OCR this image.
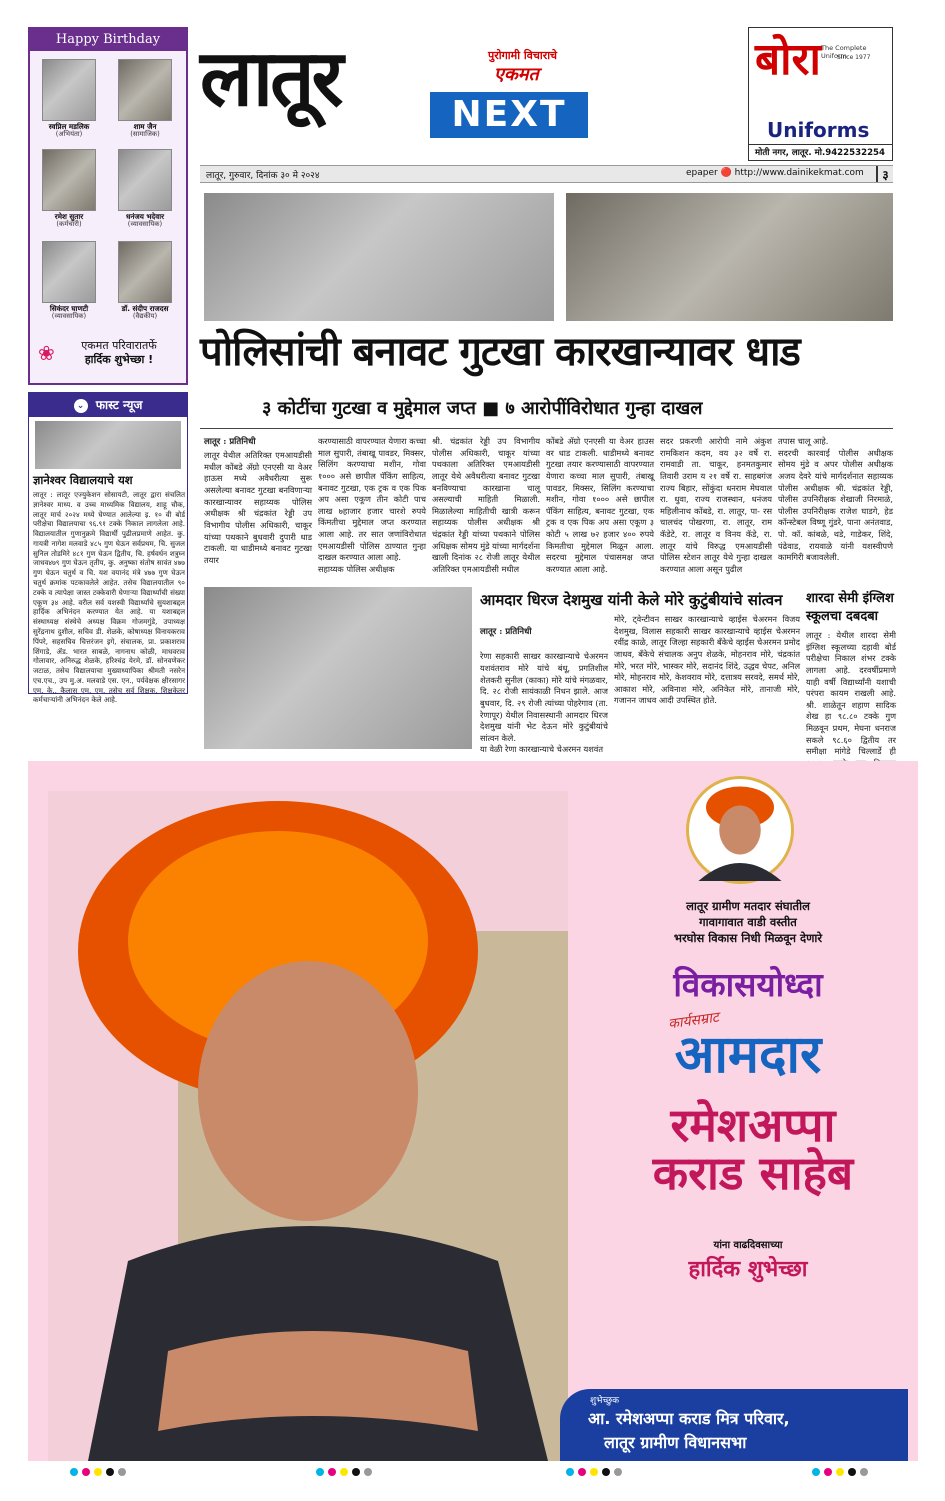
Happy Birthday
स्वप्निल मडलिक
(अभियंता)
शाम जैन
(सामाजिक)
रमेश सुतार
(कर्मचारी)
धनंजय भदेवार
(व्यावसायिक)
सिकंदर घाणटी
(व्यावसायिक)
डॉ. संदीप राजदस
(वैद्यकीय)
❀	एकमत परिवारातर्फे
हार्दिक शुभेच्छा !
⌄ फास्ट न्यूज
ज्ञानेश्वर विद्यालयाचे यश
लातूर : लातूर एज्युकेशन सोसायटी, लातूर द्वारा संचलित ज्ञानेश्वर माध्य. व उच्च माध्यमिक विद्यालय, शाहू चौक, लातूर मार्च २०२४ मध्ये घेण्यात आलेल्या इ. १० वी बोर्ड परीक्षेचा विद्यालयाचा ९६.९१ टक्के निकाल लागलेला आहे. विद्यालयातील गुणानुक्रमे विद्यार्थी पुढीलप्रमाणे आहेत. कु. गायत्री नागेश मलवाडे ४८५ गुण घेऊन सर्वप्रथम, चि. सुजल सुनिल तोडमिरे ४८१ गुण घेऊन द्वितीय, चि. हर्षवर्धन शत्रुघ्न जाधव४७९ गुण घेऊन तृतीय, कु. अनुष्का संतोष सावंत ४७७ गुण घेऊन चतुर्थ व चि. यश वयानंद मंत्रे ४७७ गुण घेऊन चतुर्थ क्रमांक पटकावलेले आहेत. तसेच विद्यालयातील ९० टक्के व त्यापेक्षा जास्त टक्केवारी घेणाऱ्या विद्यार्थ्यांची संख्या एकूण ३४ आहे. वरील सर्व यशस्वी विद्यार्थ्यांचे सुयशाबद्दल हार्दिक अभिनंदन करण्यात येत आहे. या यशाबद्दल संस्थाध्यक्ष संस्थेचे अध्यक्ष विक्रम गोजमगुंडे, उपाध्यक्ष सुरेंद्रनाथ दुशील, सचिव डी. शेळके, कोषाध्यक्ष विनायकराव पिंपरे, सहसचिव चित्तरंजन इगे, संचालक, प्रा. प्रकाशराव शिंगाडे, ॲड. भारत साबळे, नागनाथ कोळी, माधवराव गोलावार, अनिरुद्ध शेळके, हरिश्चंद्र येरमे, डॉ. सोनवणेकर जटाळ, तसेच विद्यालयाचा मुख्याध्यापिका श्रीमती नसरेन एच.एच., उप मु.अ. मलवाडे एस. एन., पर्यवेक्षक क्षीरसागर एम. के., कैलास एम. एम. तसेच सर्व शिक्षक, शिक्षकेतर कर्मचाऱ्यांनी अभिनंदन केले आहे.
लातूर	पुरोगामी विचाराचे
एकमत
NEXT
बोरा The Complete Uniform
Since 1977
Uniforms
मोती नगर, लातूर. मो.9422532254
लातूर, गुरुवार, दिनांक ३० मे २०२४	epaper 🔴 http://www.dainikekmat.com	३
पोलिसांची बनावट गुटखा कारखान्यावर धाड
३ कोटींचा गुटखा व मुद्देमाल जप्त ■ ७ आरोपींविरोधात गुन्हा दाखल
लातूर : प्रतिनिधी
लातूर येथील अतिरिक्त एमआयडीसी मधील कोंबडे ॲग्रो एनएसी या वेअर हाऊस मध्ये अवैधरीत्या सुरू असलेल्या बनावट गुटखा बनविणाऱ्या कारखान्यावर सहाय्यक पोलिस अधीक्षक श्री चंद्रकांत रेड्डी उप विभागीय पोलीस अधिकारी, चाकूर यांच्या पथकाने बुधवारी दुपारी धाड टाकली. या धाडीमध्ये बनावट गुटखा तयार
करण्यासाठी वापरण्यात येणारा कच्चा माल सुपारी, तंबाखू पावडर, मिक्सर, सिलिंग करण्याचा मशीन, गोवा १००० असे छापील पॅकिंग साहित्य, बनावट गुटखा, एक ट्रक व एक पिक अप असा एकूण तीन कोटी पाच लाख ७हाजार हजार चारशे रुपये किंमतीचा मुद्देमाल जप्त करण्यात आला आहे. तर सात जणांविरोधात एमआयडीसी पोलिस ठाण्यात गुन्हा दाखल करण्यात आला आहे.
सहाय्यक पोलिस अधीक्षक
श्री. चंद्रकांत रेड्डी उप विभागीय पोलीस अधिकारी, चाकूर यांच्या पथकाला अतिरिक्त एमआयडीसी लातूर येथे अवैधरीत्या बनावट गुटखा बनविण्याचा कारखाना चालू असल्याची माहिती मिळाली. मिळालेल्या माहितीची खात्री करून सहाय्यक पोलीस अधीक्षक श्री चंद्रकांत रेड्डी यांच्या पथकाने पोलिस अधिक्षक सोमय मुंडे यांच्या मार्गदर्शना खाली दिनांक २८ रोजी लातूर येथील अतिरिक्त एमआयडीसी मधील
कोंबडे ॲग्रो एनएसी या वेअर हाउस वर धाड टाकली. धाडीमध्ये बनावट गुटखा तयार करण्यासाठी वापरण्यात येणारा कच्चा माल सुपारी, तंबाखू पावडर, मिक्सर, सिलिंग करण्याचा मशीन, गोवा १००० असे छापील पॅकिंग साहित्य, बनावट गुटखा, एक ट्रक व एक पिक अप असा एकूण ३ कोटी ५ लाख ७२ हजार ४०० रुपये किमतीचा मुद्देमाल मिळून आला. सदरचा मुद्देमाल पंचासमक्ष जप्त करण्यात आला आहे.
सदर प्रकरणी आरोपी नामे अंकुश रामकिशन कदम, वय ३२ वर्षे रा. रामवाडी ता. चाकूर, हनमतकुमार तिवारी उराम य २१ वर्षे रा. साहबगंज राज्य बिहार, सोंकुंदा धनराम मेघवाल रा. धुवा, राज्य राजस्थान, धनंजय महिलीनाथ कोंबडे, रा. लातूर, पा- रस चालचंद पोखरणा, रा. लातूर, राम कॅडेटे, रा. लातूर व विनय कॅडे, रा. लातूर यांचे विरुद्ध एमआयडीसी पोलिस स्टेशन लातूर येथे गुन्हा दाखल करण्यात आला असून पुढील
तपास चालू आहे.
सदरची कारवाई पोलीस अधीक्षक सोमय मुंडे व अपर पोलीस अधीक्षक अजय देवरे यांचे मार्गदर्शनात सहाय्यक पोलीस अधीक्षक श्री. चंद्रकांत रेड्डी, पोलीस उपनिरीक्षक शेखाजी निरमाळे, पोलीस उपनिरीक्षक राजेश घाडगे, हेड कॉन्स्टेबल विष्णू गुंडरे, पाना अनंतवाड, पो. कॉ. कांबळे, थडे, गाडेकर, शिंदे, पंढेवाड, रायवाळे यांनी यशस्वीपणे कामगिरी बजावलेली.
आमदार धिरज देशमुख यांनी केले मोरे कुटुंबीयांचे सांत्वन

लातूर : प्रतिनिधी

रेणा सहकारी साखर कारखान्याचे चेअरमन यशवंतराव मोरे यांचे बंधू, प्रगतिशील शेतकरी सुनील (काका) मोरे यांचे मंगळवार, दि. २८ रोजी सायंकाळी निधन झाले. आज बुधवार, दि. २९ रोजी त्यांच्या पोहरेगाव (ता. रेणापूर) येथील निवासस्थानी आमदार धिरज देशमुख यांनी भेट देऊन मोरे कुटुंबीयांचे सांत्वन केले.
या वेळी रेणा कारखान्याचे चेअरमन यशवंत

मोरे, ट्वेन्टीवन साखर कारखान्याचे व्हाईस चेअरमन विजय देशमुख, विलास सहकारी साखर कारखान्याचे व्हाईस चेअरमन रवींद्र काळे, लातूर जिल्हा सहकारी बँकेचे व्हाईस चेअरमन प्रमोद जाधव, बँकेचे संचालक अनुप शेळके, मोहनराव मोरे, चंद्रकांत मोरे, भरत मोरे, भास्कर मोरे, सदानंद शिंदे, उद्धव चेपट, अनिल मोरे, मोहनराव मोरे, केशवराव मोरे, दत्तात्रय सरवदे, समर्थ मोरे, आकाश मोरे, अविनाश मोरे, अनिकेत मोरे, तानाजी मोरे, गजानन जाधव आदी उपस्थित होते.
शारदा सेमी इंग्लिश स्कूलचा दबदबा
लातूर : येथील शारदा सेमी इंग्लिश स्कूलच्या दहावी बोर्ड परीक्षेचा निकाल शंभर टक्के लागला आहे. दरवर्षीप्रमाणे याही वर्षी विद्यार्थ्यांनी यशाची परंपरा कायम राखली आहे. श्री. शाळेतून शहाण सादिक शेख हा ९८.८० टक्के गुण मिळवून प्रथम, मेघना धनराज सकले ९८.६० द्वितीय तर समीक्षा मांगेडे चिल्लार्डे ही
लातूर ग्रामीण मतदार संघातील
गावागावात वाडी वस्तीत
भरघोस विकास निधी मिळवून देणारे
विकासयोध्दा
आमदार
कार्यसम्राट
रमेशअप्पा
कराड साहेब
यांना वाढदिवसाच्या
हार्दिक शुभेच्छा
शुभेच्छुक
आ. रमेशअप्पा कराड मित्र परिवार,
लातूर ग्रामीण विधानसभा
